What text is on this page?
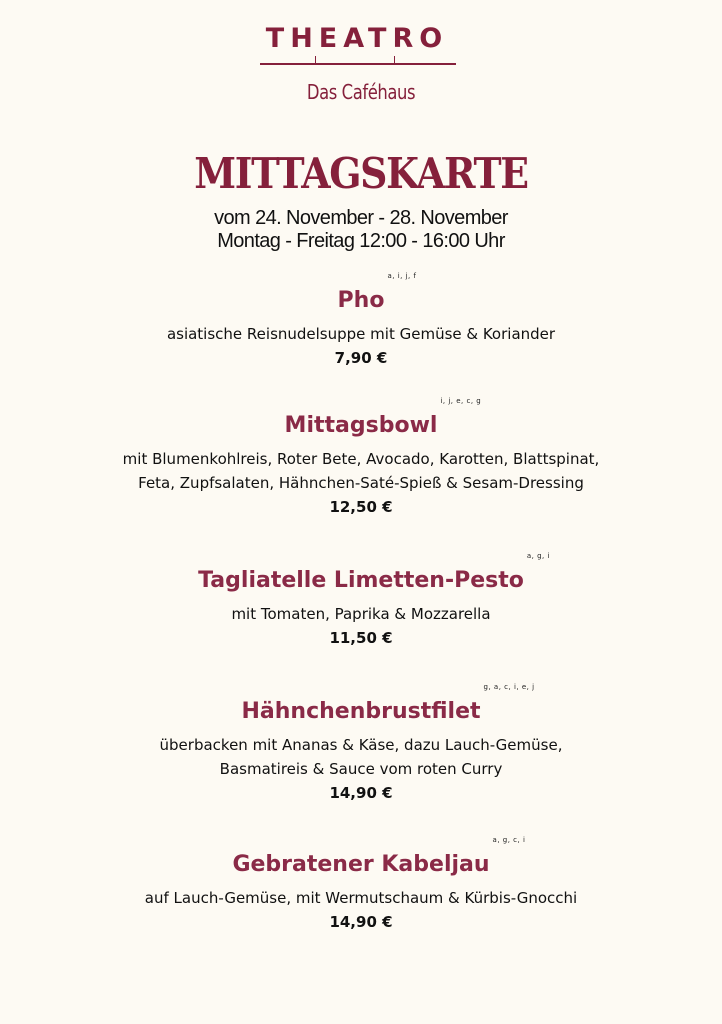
THEATRO
Das Caféhaus
MITTAGSKARTE
vom 24. November - 28. November
Montag - Freitag 12:00 - 16:00 Uhr
Pho
a, i, j, f
asiatische Reisnudelsuppe mit Gemüse & Koriander
7,90 €
Mittagsbowl
i, j, e, c, g
mit Blumenkohlreis, Roter Bete, Avocado, Karotten, Blattspinat,
Feta, Zupfsalaten, Hähnchen-Saté-Spieß & Sesam-Dressing
12,50 €
Tagliatelle Limetten-Pesto
a, g, i
mit Tomaten, Paprika & Mozzarella
11,50 €
Hähnchenbrustfilet
g, a, c, i, e, j
überbacken mit Ananas & Käse, dazu Lauch-Gemüse,
Basmatireis & Sauce vom roten Curry
14,90 €
Gebratener Kabeljau
a, g, c, i
auf Lauch-Gemüse, mit Wermutschaum & Kürbis-Gnocchi
14,90 €
